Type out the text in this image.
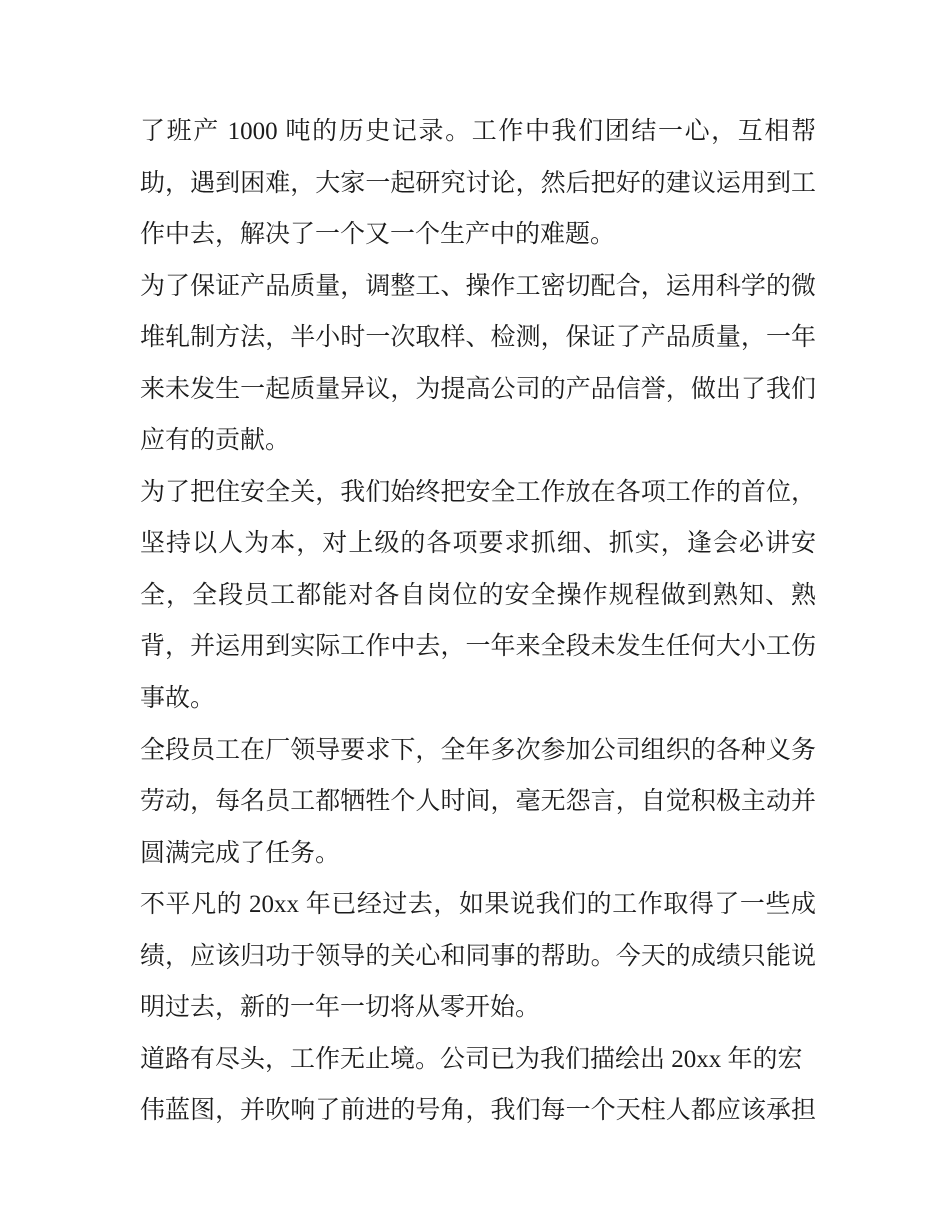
了班产 1000 吨的历史记录。工作中我们团结一心，互相帮
助，遇到困难，大家一起研究讨论，然后把好的建议运用到工
作中去，解决了一个又一个生产中的难题。
为了保证产品质量，调整工、操作工密切配合，运用科学的微
堆轧制方法，半小时一次取样、检测，保证了产品质量，一年
来未发生一起质量异议，为提高公司的产品信誉，做出了我们
应有的贡献。
为了把住安全关，我们始终把安全工作放在各项工作的首位，
坚持以人为本，对上级的各项要求抓细、抓实，逢会必讲安
全，全段员工都能对各自岗位的安全操作规程做到熟知、熟
背，并运用到实际工作中去，一年来全段未发生任何大小工伤
事故。
全段员工在厂领导要求下，全年多次参加公司组织的各种义务
劳动，每名员工都牺牲个人时间，毫无怨言，自觉积极主动并
圆满完成了任务。
不平凡的 20xx 年已经过去，如果说我们的工作取得了一些成
绩，应该归功于领导的关心和同事的帮助。今天的成绩只能说
明过去，新的一年一切将从零开始。
道路有尽头，工作无止境。公司已为我们描绘出 20xx 年的宏
伟蓝图，并吹响了前进的号角，我们每一个天柱人都应该承担
